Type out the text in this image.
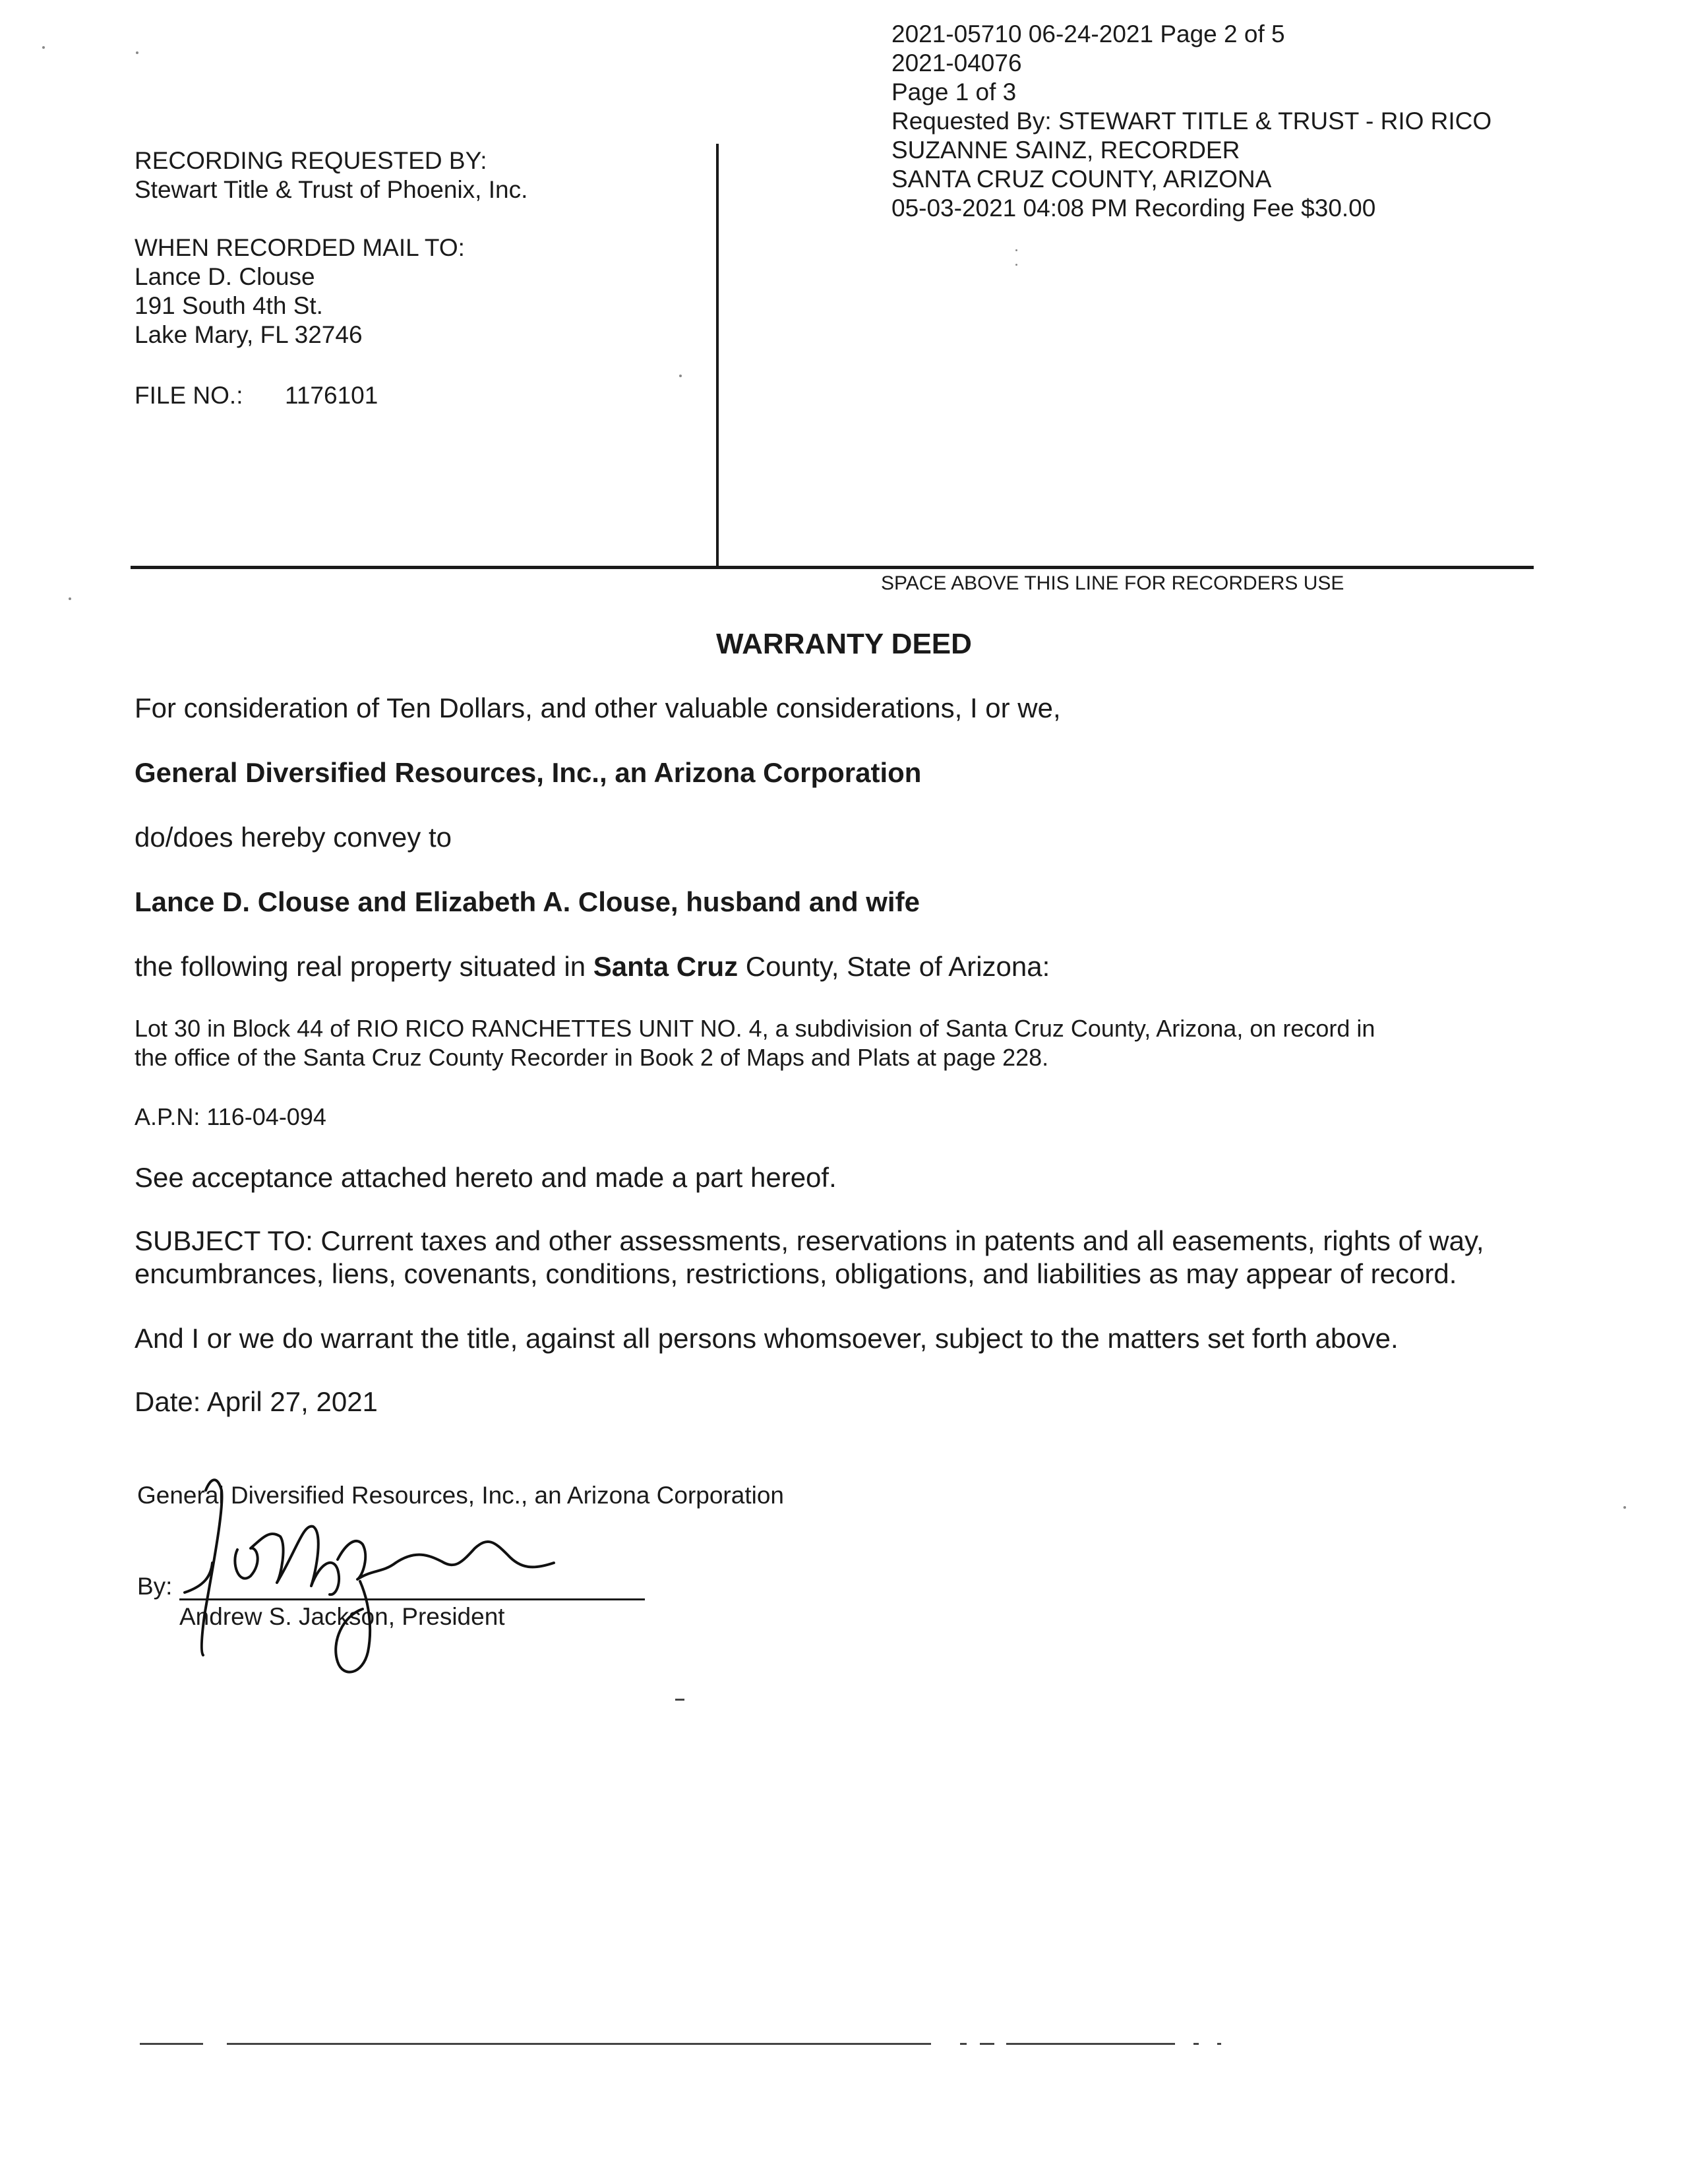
2021-05710 06-24-2021 Page 2 of 5
2021-04076
Page 1 of 3
Requested By: STEWART TITLE & TRUST - RIO RICO
SUZANNE SAINZ, RECORDER
SANTA CRUZ COUNTY, ARIZONA
05-03-2021 04:08 PM Recording Fee $30.00
RECORDING REQUESTED BY:
Stewart Title & Trust of Phoenix, Inc.
WHEN RECORDED MAIL TO:
Lance D. Clouse
191 South 4th St.
Lake Mary, FL 32746
FILE NO.: 1176101
SPACE ABOVE THIS LINE FOR RECORDERS USE
WARRANTY DEED
For consideration of Ten Dollars, and other valuable considerations, I or we,
General Diversified Resources, Inc., an Arizona Corporation
do/does hereby convey to
Lance D. Clouse and Elizabeth A. Clouse, husband and wife
the following real property situated in Santa Cruz County, State of Arizona:
Lot 30 in Block 44 of RIO RICO RANCHETTES UNIT NO. 4, a subdivision of Santa Cruz County, Arizona, on record in
the office of the Santa Cruz County Recorder in Book 2 of Maps and Plats at page 228.
A.P.N: 116-04-094
See acceptance attached hereto and made a part hereof.
SUBJECT TO: Current taxes and other assessments, reservations in patents and all easements, rights of way,
encumbrances, liens, covenants, conditions, restrictions, obligations, and liabilities as may appear of record.
And I or we do warrant the title, against all persons whomsoever, subject to the matters set forth above.
Date: April 27, 2021
General Diversified Resources, Inc., an Arizona Corporation
By:
Andrew S. Jackson, President
